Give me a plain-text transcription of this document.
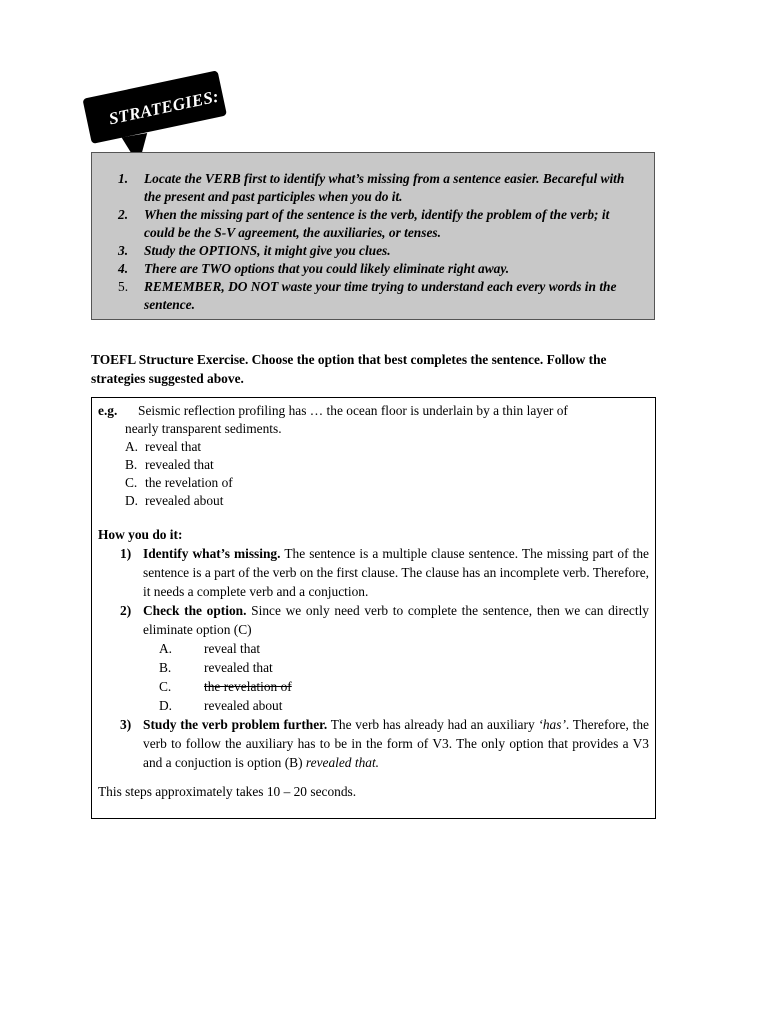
STRATEGIES:
1. Locate the VERB first to identify what’s missing from a sentence easier. Becareful with the present and past participles when you do it.
2. When the missing part of the sentence is the verb, identify the problem of the verb; it could be the S-V agreement, the auxiliaries, or tenses.
3. Study the OPTIONS, it might give you clues.
4. There are TWO options that you could likely eliminate right away.
5. REMEMBER, DO NOT waste your time trying to understand each every words in the sentence.
TOEFL Structure Exercise. Choose the option that best completes the sentence. Follow the strategies suggested above.
e.g. Seismic reflection profiling has … the ocean floor is underlain by a thin layer of
nearly transparent sediments.
A. reveal that
B. revealed that
C. the revelation of
D. revealed about
How you do it:
1) Identify what’s missing. The sentence is a multiple clause sentence. The missing part of the sentence is a part of the verb on the first clause. The clause has an incomplete verb. Therefore, it needs a complete verb and a conjuction.
2) Check the option. Since we only need verb to complete the sentence, then we can directly eliminate option (C)
A. reveal that
B. revealed that
C. the revelation of
D. revealed about
3) Study the verb problem further. The verb has already had an auxiliary ‘has’. Therefore, the verb to follow the auxiliary has to be in the form of V3. The only option that provides a V3 and a conjuction is option (B) revealed that.
This steps approximately takes 10 – 20 seconds.
